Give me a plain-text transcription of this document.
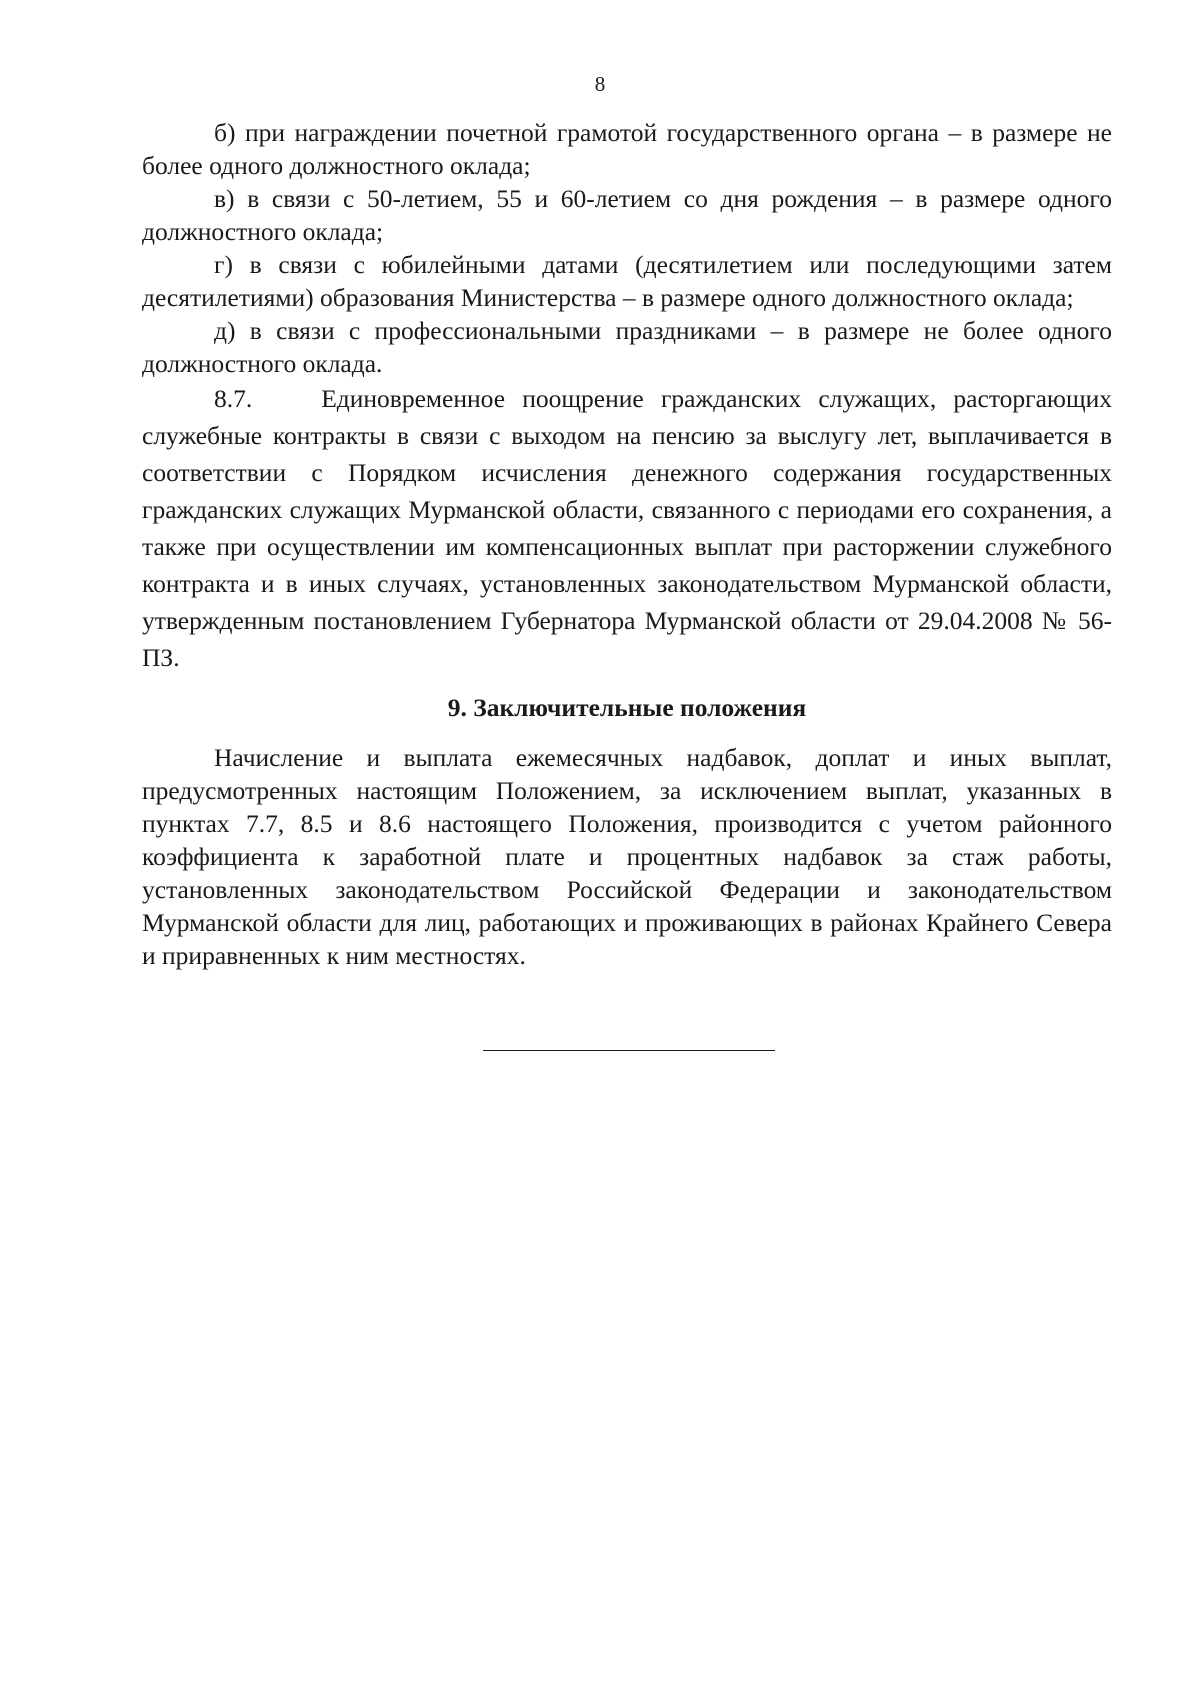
8

б) при награждении почетной грамотой государственного органа – в размере не более одного должностного оклада;

в) в связи с 50-летием, 55 и 60-летием со дня рождения – в размере одного должностного оклада;

г) в связи с юбилейными датами (десятилетием или последующими затем десятилетиями) образования Министерства – в размере одного должностного оклада;

д) в связи с профессиональными праздниками – в размере не более одного должностного оклада.

8.7.    Единовременное поощрение гражданских служащих, расторгающих служебные контракты в связи с выходом на пенсию за выслугу лет, выплачивается в соответствии с Порядком исчисления денежного содержания государственных гражданских служащих Мурманской области, связанного с периодами его сохранения, а также при осуществлении им компенсационных выплат при расторжении служебного контракта и в иных случаях, установленных законодательством Мурманской области, утвержденным постановлением Губернатора Мурманской области от 29.04.2008 № 56-ПЗ.

9. Заключительные положения

Начисление и выплата ежемесячных надбавок, доплат и иных выплат, предусмотренных настоящим Положением, за исключением выплат, указанных в пунктах 7.7, 8.5 и 8.6 настоящего Положения, производится с учетом районного коэффициента к заработной плате и процентных надбавок за стаж работы, установленных законодательством Российской Федерации и законодательством Мурманской области для лиц, работающих и проживающих в районах Крайнего Севера и приравненных к ним местностях.
